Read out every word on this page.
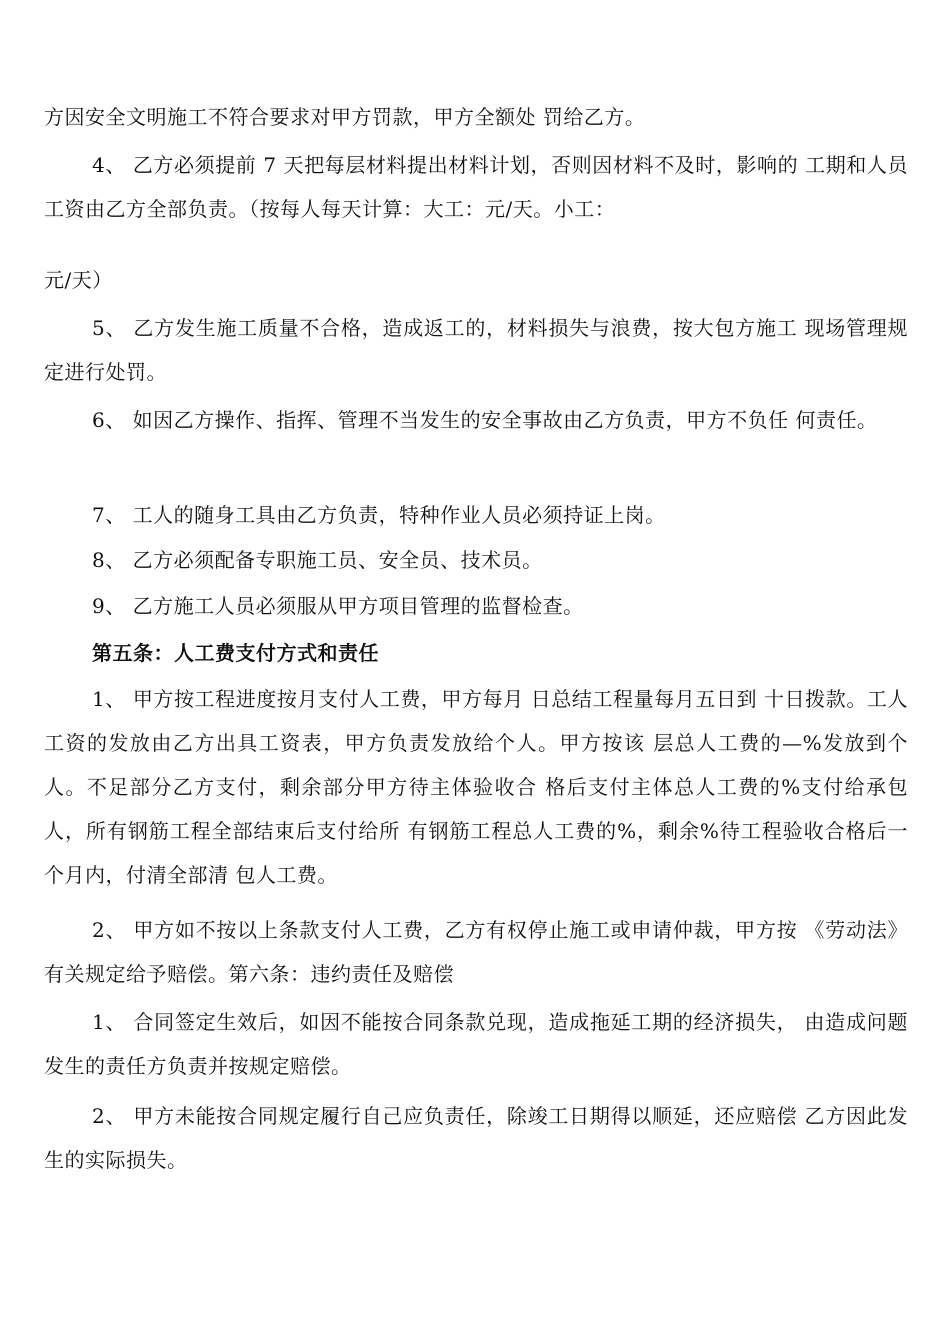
方因安全文明施工不符合要求对甲方罚款，甲方全额处 罚给乙方。

4、 乙方必须提前 7 天把每层材料提出材料计划，否则因材料不及时，影响的 工期和人员工资由乙方全部负责。（按每人每天计算：大工：元/天。小工：

元/天）

5、 乙方发生施工质量不合格，造成返工的，材料损失与浪费，按大包方施工 现场管理规定进行处罚。

6、 如因乙方操作、指挥、管理不当发生的安全事故由乙方负责，甲方不负任 何责任。

7、 工人的随身工具由乙方负责，特种作业人员必须持证上岗。

8、 乙方必须配备专职施工员、安全员、技术员。

9、 乙方施工人员必须服从甲方项目管理的监督检查。

第五条：人工费支付方式和责任

1、 甲方按工程进度按月支付人工费，甲方每月 日总结工程量每月五日到 十日拨款。工人工资的发放由乙方出具工资表，甲方负责发放给个人。甲方按该 层总人工费的—%发放到个人。不足部分乙方支付，剩余部分甲方待主体验收合 格后支付主体总人工费的%支付给承包人，所有钢筋工程全部结束后支付给所 有钢筋工程总人工费的%，剩余%待工程验收合格后一个月内，付清全部清 包人工费。

2、 甲方如不按以上条款支付人工费，乙方有权停止施工或申请仲裁，甲方按 《劳动法》有关规定给予赔偿。第六条：违约责任及赔偿

1、 合同签定生效后，如因不能按合同条款兑现，造成拖延工期的经济损失， 由造成问题发生的责任方负责并按规定赔偿。

2、 甲方未能按合同规定履行自己应负责任，除竣工日期得以顺延，还应赔偿 乙方因此发生的实际损失。
